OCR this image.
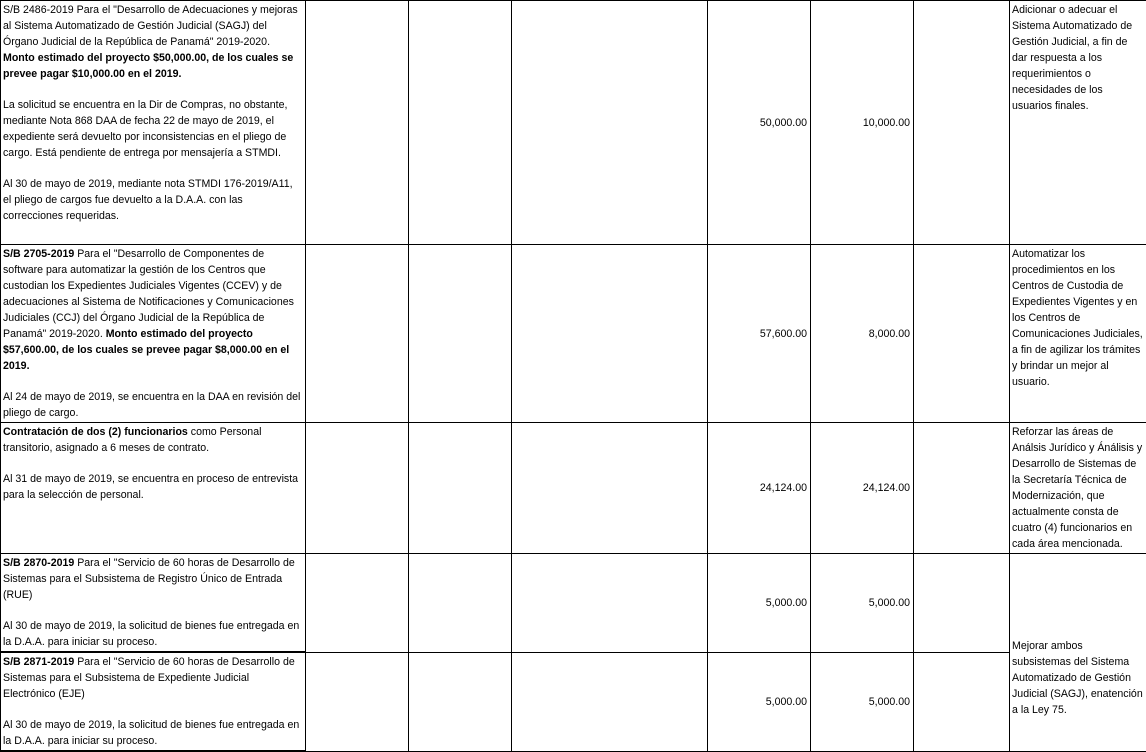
S/B 2486-2019 Para el "Desarrollo de Adecuaciones y mejoras al Sistema Automatizado de Gestión Judicial (SAGJ) del Órgano Judicial de la República de Panamá" 2019-2020. Monto estimado del proyecto $50,000.00, de los cuales se prevee pagar $10,000.00 en el 2019.
La solicitud se encuentra en la Dir de Compras, no obstante, mediante Nota 868 DAA de fecha 22 de mayo de 2019, el expediente será devuelto por inconsistencias en el pliego de cargo. Está pendiente de entrega por mensajería a STMDI.
Al 30 de mayo de 2019, mediante nota STMDI 176-2019/A11, el pliego de cargos fue devuelto a la D.A.A. con las correcciones requeridas.				50,000.00	10,000.00		Adicionar o adecuar el Sistema Automatizado de Gestión Judicial, a fin de dar respuesta a los requerimientos o necesidades de los usuarios finales.
S/B 2705-2019 Para el "Desarrollo de Componentes de software para automatizar la gestión de los Centros que custodian los Expedientes Judiciales Vigentes (CCEV) y de adecuaciones al Sistema de Notificaciones y Comunicaciones Judiciales (CCJ) del Órgano Judicial de la República de Panamá" 2019-2020. Monto estimado del proyecto $57,600.00, de los cuales se prevee pagar $8,000.00 en el 2019.
Al 24 de mayo de 2019, se encuentra en la DAA en revisión del pliego de cargo.				57,600.00	8,000.00		Automatizar los procedimientos en los Centros de Custodia de Expedientes Vigentes y en los Centros de Comunicaciones Judiciales, a fin de agilizar los trámites y brindar un mejor al usuario.
Contratación de dos (2) funcionarios como Personal transitorio, asignado a 6 meses de contrato.
Al 31 de mayo de 2019, se encuentra en proceso de entrevista para la selección de personal.				24,124.00	24,124.00		Reforzar las áreas de Análsis Jurídico y Ánálisis y Desarrollo de Sistemas de la Secretaría Técnica de Modernización, que actualmente consta de cuatro (4) funcionarios en cada área mencionada.
S/B 2870-2019 Para el "Servicio de 60 horas de Desarrollo de Sistemas para el Subsistema de Registro Único de Entrada (RUE)
Al 30 de mayo de 2019, la solicitud de bienes fue entregada en la D.A.A. para iniciar su proceso.				5,000.00	5,000.00		Mejorar ambos subsistemas del Sistema Automatizado de Gestión Judicial (SAGJ), enatención a la Ley 75.

S/B 2871-2019 Para el "Servicio de 60 horas de Desarrollo de Sistemas para el Subsistema de Expediente Judicial Electrónico (EJE)
Al 30 de mayo de 2019, la solicitud de bienes fue entregada en la D.A.A. para iniciar su proceso.				5,000.00	5,000.00		
